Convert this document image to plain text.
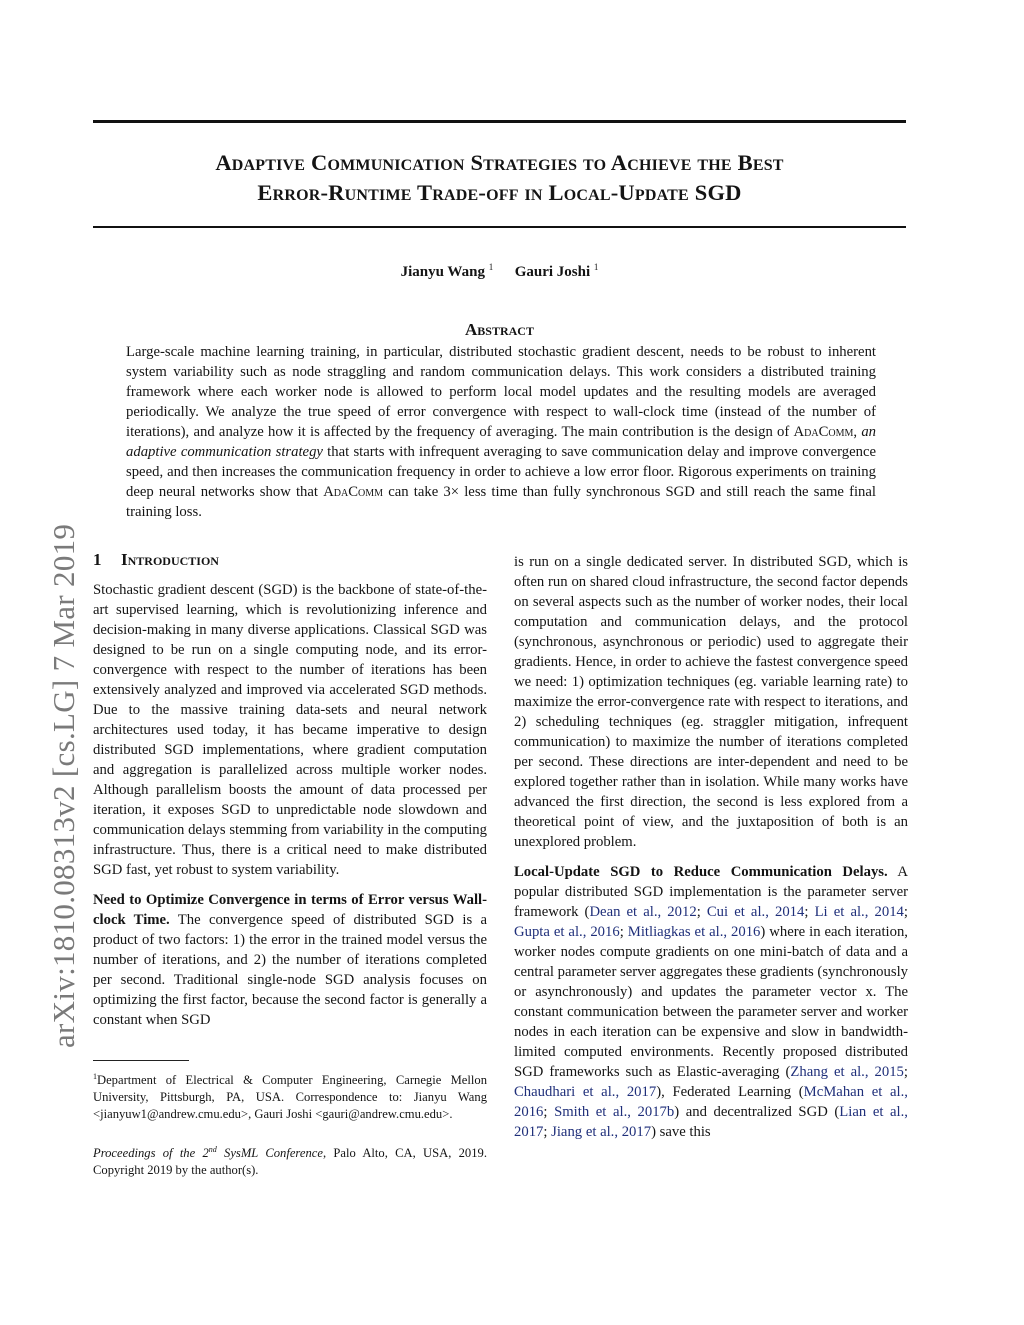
Adaptive Communication Strategies to Achieve the Best
Error-Runtime Trade-off in Local-Update SGD
Jianyu Wang $^1$ Gauri Joshi $^1$
Abstract
Large-scale machine learning training, in particular, distributed stochastic gradient descent, needs to be robust to inherent system variability such as node straggling and random communication delays. This work considers a distributed training framework where each worker node is allowed to perform local model updates and the resulting models are averaged periodically. We analyze the true speed of error convergence with respect to wall-clock time (instead of the number of iterations), and analyze how it is affected by the frequency of averaging. The main contribution is the design of AdaComm, an adaptive communication strategy that starts with infrequent averaging to save communication delay and improve convergence speed, and then increases the communication frequency in order to achieve a low error floor. Rigorous experiments on training deep neural networks show that AdaComm can take 3× less time than fully synchronous SGD and still reach the same final training loss.
arXiv:1810.08313v2 [cs.LG] 7 Mar 2019 1 Introduction

Stochastic gradient descent (SGD) is the backbone of state-of-the-art supervised learning, which is revolutionizing inference and decision-making in many diverse applications. Classical SGD was designed to be run on a single computing node, and its error-convergence with respect to the number of iterations has been extensively analyzed and improved via accelerated SGD methods. Due to the massive training data-sets and neural network architectures used today, it has became imperative to design distributed SGD implementations, where gradient computation and aggregation is parallelized across multiple worker nodes. Although parallelism boosts the amount of data processed per iteration, it exposes SGD to unpredictable node slowdown and communication delays stemming from variability in the computing infrastructure. Thus, there is a critical need to make distributed SGD fast, yet robust to system variability.

Need to Optimize Convergence in terms of Error versus Wall-clock Time. The convergence speed of distributed SGD is a product of two factors: 1) the error in the trained model versus the number of iterations, and 2) the number of iterations completed per second. Traditional single-node SGD analysis focuses on optimizing the first factor, because the second factor is generally a constant when SGD

$^1$Department of Electrical & Computer Engineering, Carnegie Mellon University, Pittsburgh, PA, USA. Correspondence to: Jianyu Wang <jianyuw1@andrew.cmu.edu>, Gauri Joshi <gauri@andrew.cmu.edu>.
Proceedings of the 2nd SysML Conference, Palo Alto, CA, USA, 2019. Copyright 2019 by the author(s).

is run on a single dedicated server. In distributed SGD, which is often run on shared cloud infrastructure, the second factor depends on several aspects such as the number of worker nodes, their local computation and communication delays, and the protocol (synchronous, asynchronous or periodic) used to aggregate their gradients. Hence, in order to achieve the fastest convergence speed we need: 1) optimization techniques (eg. variable learning rate) to maximize the error-convergence rate with respect to iterations, and 2) scheduling techniques (eg. straggler mitigation, infrequent communication) to maximize the number of iterations completed per second. These directions are inter-dependent and need to be explored together rather than in isolation. While many works have advanced the first direction, the second is less explored from a theoretical point of view, and the juxtaposition of both is an unexplored problem.

Local-Update SGD to Reduce Communication Delays. A popular distributed SGD implementation is the parameter server framework (Dean et al., 2012; Cui et al., 2014; Li et al., 2014; Gupta et al., 2016; Mitliagkas et al., 2016) where in each iteration, worker nodes compute gradients on one mini-batch of data and a central parameter server aggregates these gradients (synchronously or asynchronously) and updates the parameter vector x. The constant communication between the parameter server and worker nodes in each iteration can be expensive and slow in bandwidth-limited computed environments. Recently proposed distributed SGD frameworks such as Elastic-averaging (Zhang et al., 2015; Chaudhari et al., 2017), Federated Learning (McMahan et al., 2016; Smith et al., 2017b) and decentralized SGD (Lian et al., 2017; Jiang et al., 2017) save this
